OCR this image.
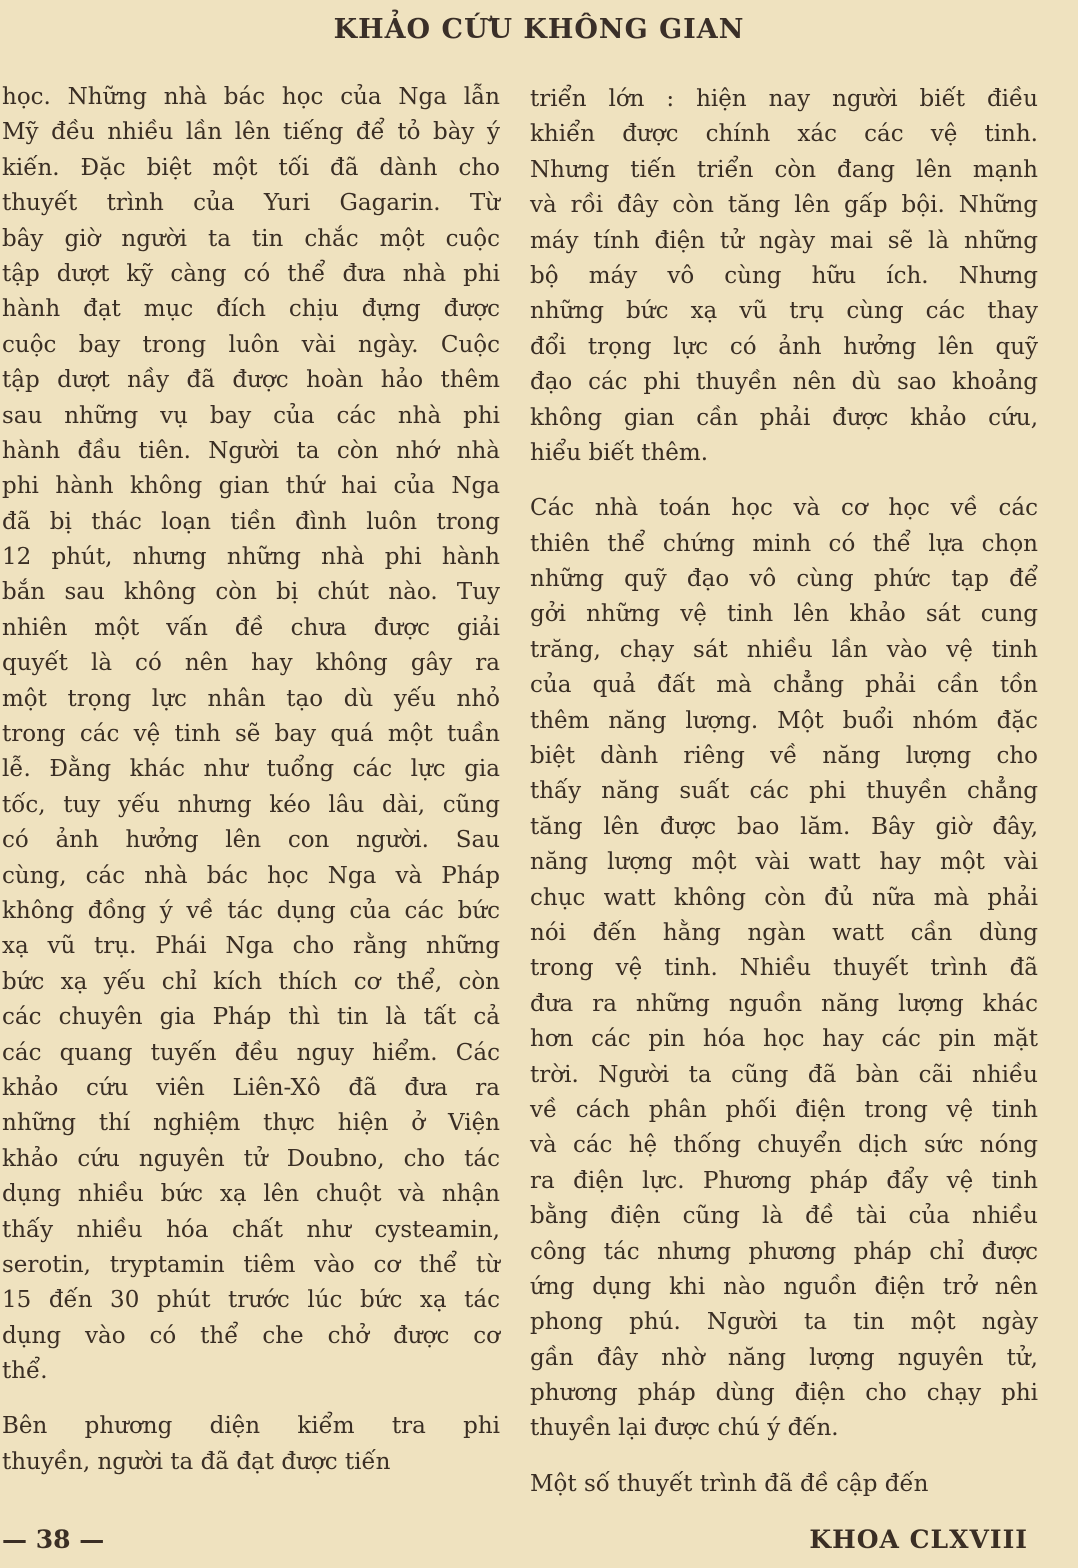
KHẢO CỨU KHÔNG GIAN
học. Những nhà bác học của Nga lẫn
Mỹ đều nhiều lần lên tiếng để tỏ bày ý
kiến. Đặc biệt một tối đã dành cho
thuyết trình của Yuri Gagarin. Từ
bây giờ người ta tin chắc một cuộc
tập dượt kỹ càng có thể đưa nhà phi
hành đạt mục đích chịu đựng được
cuộc bay trong luôn vài ngày. Cuộc
tập dượt nầy đã được hoàn hảo thêm
sau những vụ bay của các nhà phi
hành đầu tiên. Người ta còn nhớ nhà
phi hành không gian thứ hai của Nga
đã bị thác loạn tiền đình luôn trong
12 phút, nhưng những nhà phi hành
bắn sau không còn bị chút nào. Tuy
nhiên một vấn đề chưa được giải
quyết là có nên hay không gây ra
một trọng lực nhân tạo dù yếu nhỏ
trong các vệ tinh sẽ bay quá một tuần
lễ. Đằng khác như tuổng các lực gia
tốc, tuy yếu nhưng kéo lâu dài, cũng
có ảnh hưởng lên con người. Sau
cùng, các nhà bác học Nga và Pháp
không đồng ý về tác dụng của các bức
xạ vũ trụ. Phái Nga cho rằng những
bức xạ yếu chỉ kích thích cơ thể, còn
các chuyên gia Pháp thì tin là tất cả
các quang tuyến đều nguy hiểm. Các
khảo cứu viên Liên-Xô đã đưa ra
những thí nghiệm thực hiện ở Viện
khảo cứu nguyên tử Doubno, cho tác
dụng nhiều bức xạ lên chuột và nhận
thấy nhiều hóa chất như cysteamin,
serotin, tryptamin tiêm vào cơ thể từ
15 đến 30 phút trước lúc bức xạ tác
dụng vào có thể che chở được cơ
thể.
Bên phương diện kiểm tra phi
thuyền, người ta đã đạt được tiến
triển lớn : hiện nay người biết điều
khiển được chính xác các vệ tinh.
Nhưng tiến triển còn đang lên mạnh
và rồi đây còn tăng lên gấp bội. Những
máy tính điện tử ngày mai sẽ là những
bộ máy vô cùng hữu ích. Nhưng
những bức xạ vũ trụ cùng các thay
đổi trọng lực có ảnh hưởng lên quỹ
đạo các phi thuyền nên dù sao khoảng
không gian cần phải được khảo cứu,
hiểu biết thêm.
Các nhà toán học và cơ học về các
thiên thể chứng minh có thể lựa chọn
những quỹ đạo vô cùng phức tạp để
gởi những vệ tinh lên khảo sát cung
trăng, chạy sát nhiều lần vào vệ tinh
của quả đất mà chẳng phải cần tồn
thêm năng lượng. Một buổi nhóm đặc
biệt dành riêng về năng lượng cho
thấy năng suất các phi thuyền chẳng
tăng lên được bao lăm. Bây giờ đây,
năng lượng một vài watt hay một vài
chục watt không còn đủ nữa mà phải
nói đến hằng ngàn watt cần dùng
trong vệ tinh. Nhiều thuyết trình đã
đưa ra những nguồn năng lượng khác
hơn các pin hóa học hay các pin mặt
trời. Người ta cũng đã bàn cãi nhiều
về cách phân phối điện trong vệ tinh
và các hệ thống chuyển dịch sức nóng
ra điện lực. Phương pháp đẩy vệ tinh
bằng điện cũng là đề tài của nhiều
công tác nhưng phương pháp chỉ được
ứng dụng khi nào nguồn điện trở nên
phong phú. Người ta tin một ngày
gần đây nhờ năng lượng nguyên tử,
phương pháp dùng điện cho chạy phi
thuyền lại được chú ý đến.
Một số thuyết trình đã đề cập đến
— 38 —	KHOA CLXVIII
